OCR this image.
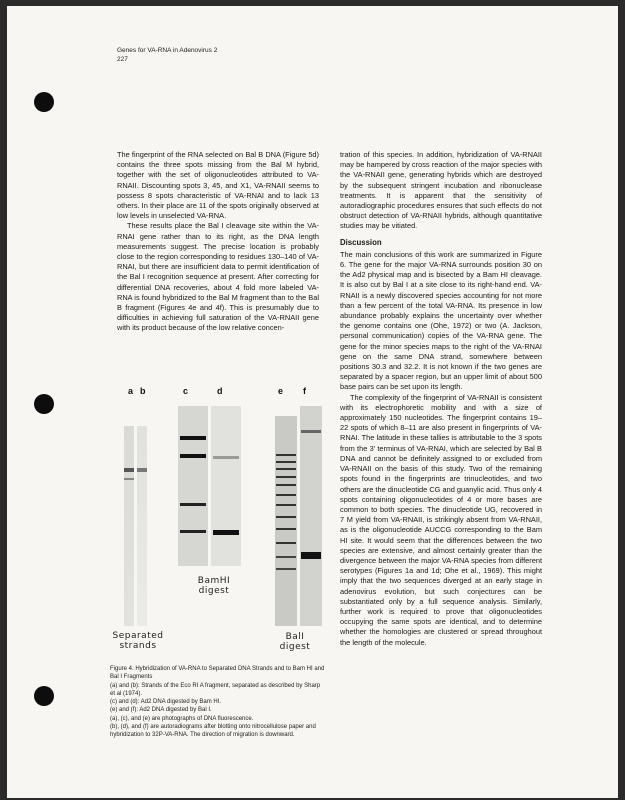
Genes for VA-RNA in Adenovirus 2
227

The fingerprint of the RNA selected on Bal B DNA (Figure 5d) contains the three spots missing from the Bal M hybrid, together with the set of oligonucleotides attributed to VA-RNAII. Discounting spots 3, 45, and X1, VA-RNAII seems to possess 8 spots characteristic of VA-RNAI and to lack 13 others. In their place are 11 of the spots originally observed at low levels in unselected VA-RNA.

These results place the Bal I cleavage site within the VA-RNAI gene rather than to its right, as the DNA length measurements suggest. The precise location is probably close to the region corresponding to residues 130–140 of VA-RNAI, but there are insufficient data to permit identification of the Bal I recognition sequence at present. After correcting for differential DNA recoveries, about 4 fold more labeled VA-RNA is found hybridized to the Bal M fragment than to the Bal B fragment (Figures 4e and 4f). This is presumably due to difficulties in achieving full saturation of the VA-RNAII gene with its product because of the low relative concen-

tration of this species. In addition, hybridization of VA-RNAII may be hampered by cross reaction of the major species with the VA-RNAII gene, generating hybrids which are destroyed by the subsequent stringent incubation and ribonuclease treatments. It is apparent that the sensitivity of autoradiographic procedures ensures that such effects do not obstruct detection of VA-RNAII hybrids, although quantitative studies may be vitiated.

Discussion

The main conclusions of this work are summarized in Figure 6. The gene for the major VA-RNA surrounds position 30 on the Ad2 physical map and is bisected by a Bam HI cleavage. It is also cut by Bal I at a site close to its right-hand end. VA-RNAII is a newly discovered species accounting for not more than a few percent of the total VA-RNA. Its presence in low abundance probably explains the uncertainty over whether the genome contains one (Ohe, 1972) or two (A. Jackson, personal communication) copies of the VA-RNA gene. The gene for the minor species maps to the right of the VA-RNAI gene on the same DNA strand, somewhere between positions 30.3 and 32.2. It is not known if the two genes are separated by a spacer region, but an upper limit of about 500 base pairs can be set upon its length.

The complexity of the fingerprint of VA-RNAII is consistent with its electrophoretic mobility and with a size of approximately 150 nucleotides. The fingerprint contains 19–22 spots of which 8–11 are also present in fingerprints of VA-RNAI. The latitude in these tallies is attributable to the 3 spots from the 3′ terminus of VA-RNAI, which are selected by Bal B DNA and cannot be definitely assigned to or excluded from VA-RNAII on the basis of this study. Two of the remaining spots found in the fingerprints are trinucleotides, and two others are the dinucleotide CG and guanylic acid. Thus only 4 spots containing oligonucleotides of 4 or more bases are common to both species. The dinucleotide UG, recovered in 7 M yield from VA-RNAII, is strikingly absent from VA-RNAII, as is the oligonucleotide AUCCG corresponding to the Bam HI site. It would seem that the differences between the two species are extensive, and almost certainly greater than the divergence between the major VA-RNA species from different serotypes (Figures 1a and 1d; Ohe et al., 1969). This might imply that the two sequences diverged at an early stage in adenovirus evolution, but such conjectures can be substantiated only by a full sequence analysis. Similarly, further work is required to prove that oligonucleotides occupying the same spots are identical, and to determine whether the homologies are clustered or spread throughout the length of the molecule.

a b	c	d	e f
Separated
strands
BamHI
digest
BalI
digest
Figure 4. Hybridization of VA-RNA to Separated DNA Strands and to Bam HI and Bal I Fragments
(a) and (b): Strands of the Eco RI A fragment, separated as described by Sharp et al (1974).
(c) and (d): Ad2 DNA digested by Bam HI.
(e) and (f): Ad2 DNA digested by Bal I.
(a), (c), and (e) are photographs of DNA fluorescence.
(b), (d), and (f) are autoradiograms after blotting onto nitrocellulose paper and hybridization to 32P-VA-RNA. The direction of migration is downward.
